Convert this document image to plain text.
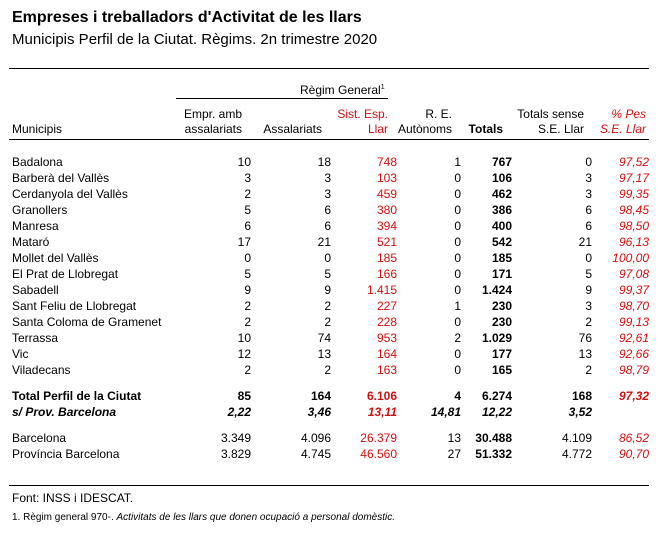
Empreses i treballadors d'Activitat de les llars
Municipis Perfil de la Ciutat. Règims. 2n trimestre 2020
Règim General$^1$
Municipis
Empr. amb
assalariats	Assalariats
Sist. Esp.
Llar
R. E.
Autònoms	Totals
Totals sense
S.E. Llar
% Pes
S.E. Llar
Badalona	10	18	748	1	767	0	97,52
Barberà del Vallès	3	3	103	0	106	3	97,17
Cerdanyola del Vallès	2	3	459	0	462	3	99,35
Granollers	5	6	380	0	386	6	98,45
Manresa	6	6	394	0	400	6	98,50
Mataró	17	21	521	0	542	21	96,13
Mollet del Vallès	0	0	185	0	185	0	100,00
El Prat de Llobregat	5	5	166	0	171	5	97,08
Sabadell	9	9	1.415	0	1.424	9	99,37
Sant Feliu de Llobregat	2	2	227	1	230	3	98,70
Santa Coloma de Gramenet	2	2	228	0	230	2	99,13
Terrassa	10	74	953	2	1.029	76	92,61
Vic	12	13	164	0	177	13	92,66
Viladecans	2	2	163	0	165	2	98,79

Total Perfil de la Ciutat	85	164	6.106	4	6.274	168	97,32
s/ Prov. Barcelona	2,22	3,46	13,11	14,81	12,22	3,52	

Barcelona	3.349	4.096	26.379	13	30.488	4.109	86,52
Província Barcelona	3.829	4.745	46.560	27	51.332	4.772	90,70
Font: INSS i IDESCAT.
1. Règim general 970-. Activitats de les llars que donen ocupació a personal domèstic.
